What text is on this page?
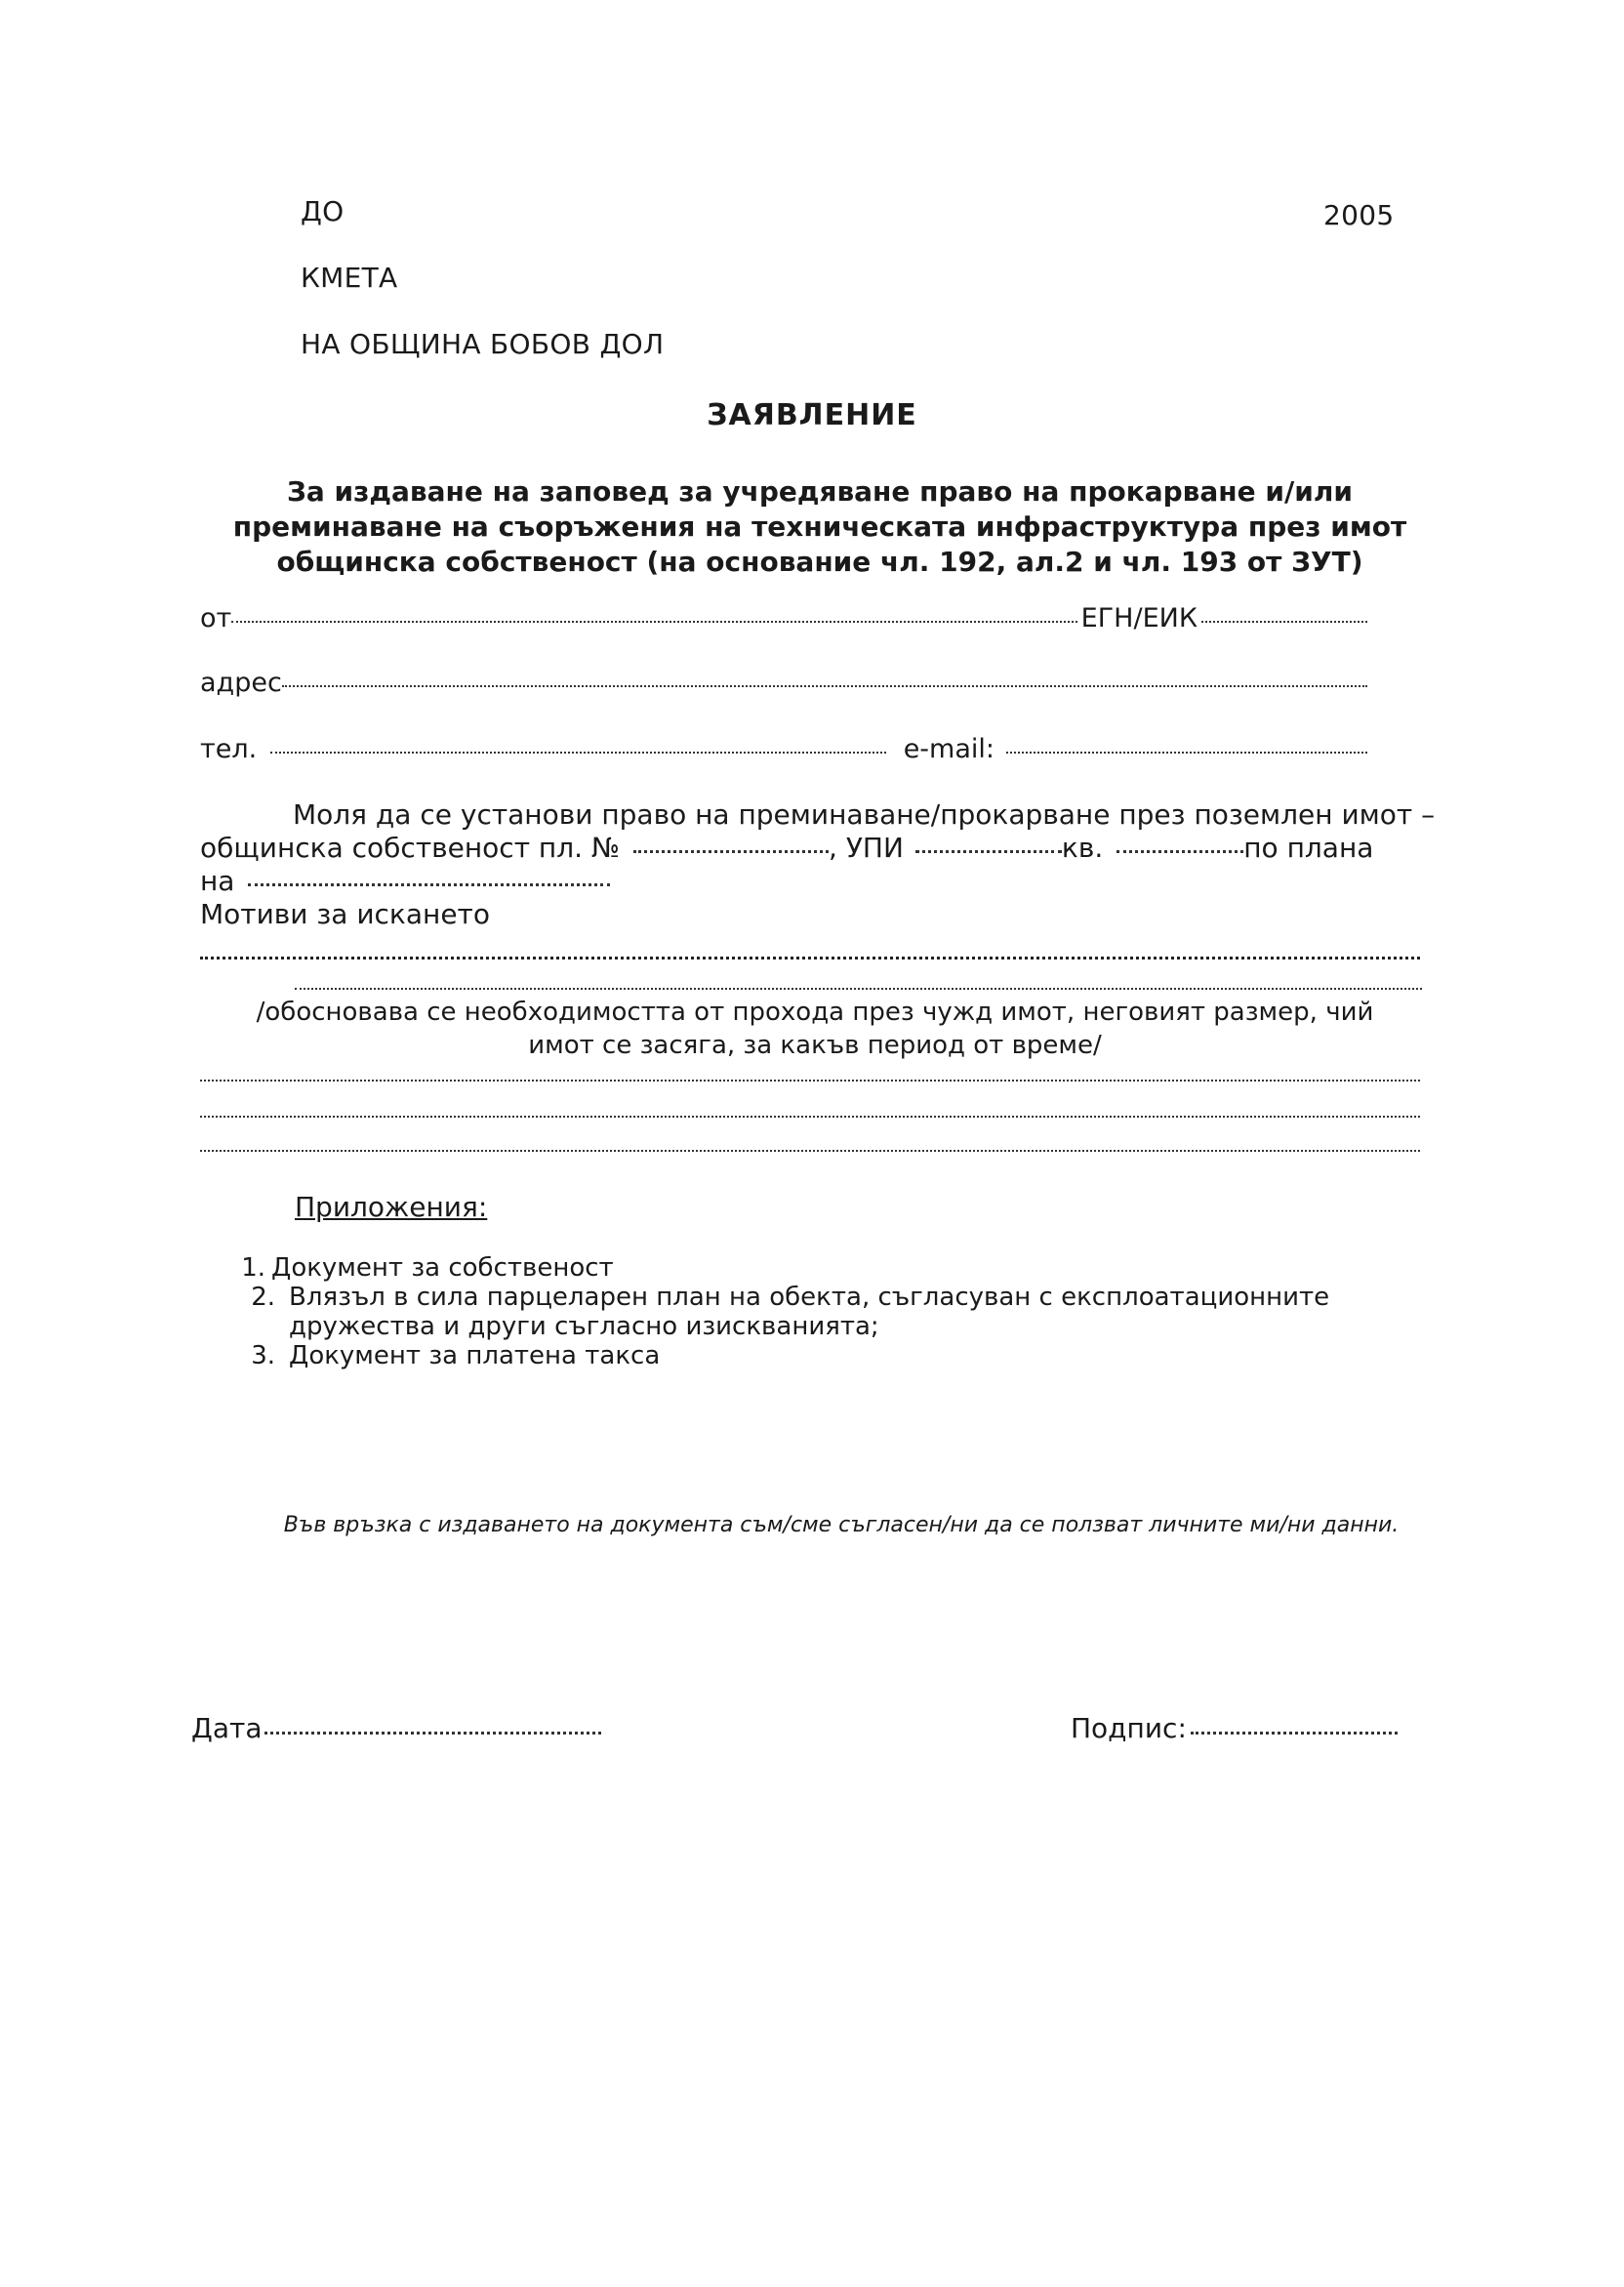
ДО	2005
КМЕТА
НА ОБЩИНА БОБОВ ДОЛ
ЗАЯВЛЕНИЕ
За издаване на заповед за учредяване право на прокарване и/или преминаване на съоръжения на техническата инфраструктура през имот общинска собственост (на основание чл. 192, ал.2 и чл. 193 от ЗУТ)
от	ЕГН/ЕИК
адрес
тел.	e-mail:
Моля да се установи право на преминаване/прокарване през поземлен имот –
общинска собственост пл. №	, УПИ	кв.	по плана
на
Мотиви за искането
/обосновава се необходимостта от прохода през чужд имот, неговият размер, чий имот се засяга, за какъв период от време/
Приложения:
1. Документ за собственост
2. Влязъл в сила парцеларен план на обекта, съгласуван с експлоатационните дружества и други съгласно изискванията;
3. Документ за платена такса
Във връзка с издаването на документа съм/сме съгласен/ни да се ползват личните ми/ни данни.
Дата	Подпис:
